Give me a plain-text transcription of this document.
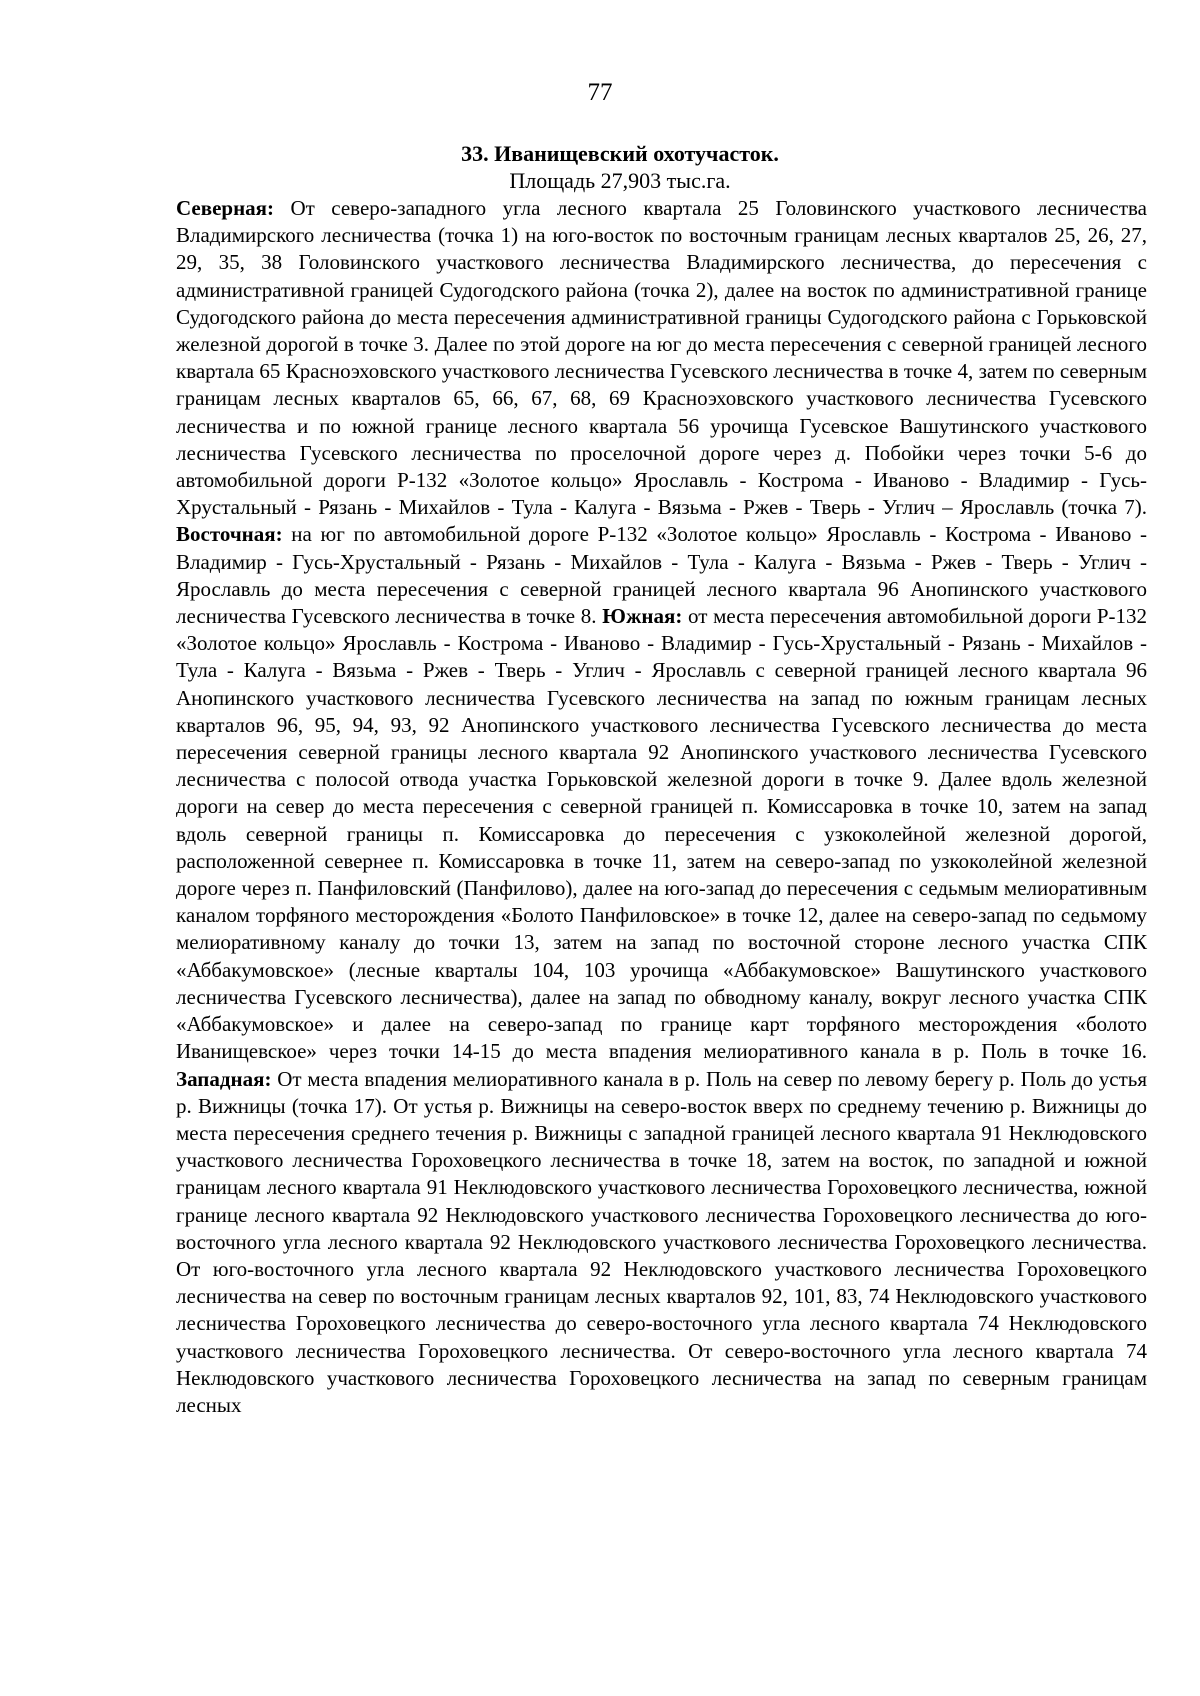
77
33. Иванищевский охотучасток.
Площадь 27,903 тыс.га.

Северная: От северо-западного угла лесного квартала 25 Головинского участкового лесничества Владимирского лесничества (точка 1) на юго-восток по восточным границам лесных кварталов 25, 26, 27, 29, 35, 38 Головинского участкового лесничества Владимирского лесничества, до пересечения с административной границей Судогодского района (точка 2), далее на восток по административной границе Судогодского района до места пересечения административной границы Судогодского района с Горьковской железной дорогой в точке 3. Далее по этой дороге на юг до места пересечения с северной границей лесного квартала 65 Красноэховского участкового лесничества Гусевского лесничества в точке 4, затем по северным границам лесных кварталов 65, 66, 67, 68, 69 Красноэховского участкового лесничества Гусевского лесничества и по южной границе лесного квартала 56 урочища Гусевское Вашутинского участкового лесничества Гусевского лесничества по проселочной дороге через д. Побойки через точки 5-6 до автомобильной дороги Р-132 «Золотое кольцо» Ярославль - Кострома - Иваново - Владимир - Гусь-Хрустальный - Рязань - Михайлов - Тула - Калуга - Вязьма - Ржев - Тверь - Углич – Ярославль (точка 7). Восточная: на юг по автомобильной дороге Р-132 «Золотое кольцо» Ярославль - Кострома - Иваново - Владимир - Гусь-Хрустальный - Рязань - Михайлов - Тула - Калуга - Вязьма - Ржев - Тверь - Углич - Ярославль до места пересечения с северной границей лесного квартала 96 Анопинского участкового лесничества Гусевского лесничества в точке 8. Южная: от места пересечения автомобильной дороги Р-132 «Золотое кольцо» Ярославль - Кострома - Иваново - Владимир - Гусь-Хрустальный - Рязань - Михайлов - Тула - Калуга - Вязьма - Ржев - Тверь - Углич - Ярославль с северной границей лесного квартала 96 Анопинского участкового лесничества Гусевского лесничества на запад по южным границам лесных кварталов 96, 95, 94, 93, 92 Анопинского участкового лесничества Гусевского лесничества до места пересечения северной границы лесного квартала 92 Анопинского участкового лесничества Гусевского лесничества с полосой отвода участка Горьковской железной дороги в точке 9. Далее вдоль железной дороги на север до места пересечения с северной границей п. Комиссаровка в точке 10, затем на запад вдоль северной границы п. Комиссаровка до пересечения с узкоколейной железной дорогой, расположенной севернее п. Комиссаровка в точке 11, затем на северо-запад по узкоколейной железной дороге через п. Панфиловский (Панфилово), далее на юго-запад до пересечения с седьмым мелиоративным каналом торфяного месторождения «Болото Панфиловское» в точке 12, далее на северо-запад по седьмому мелиоративному каналу до точки 13, затем на запад по восточной стороне лесного участка СПК «Аббакумовское» (лесные кварталы 104, 103 урочища «Аббакумовское» Вашутинского участкового лесничества Гусевского лесничества), далее на запад по обводному каналу, вокруг лесного участка СПК «Аббакумовское» и далее на северо-запад по границе карт торфяного месторождения «болото Иванищевское» через точки 14-15 до места впадения мелиоративного канала в р. Поль в точке 16. Западная: От места впадения мелиоративного канала в р. Поль на север по левому берегу р. Поль до устья р. Вижницы (точка 17). От устья р. Вижницы на северо-восток вверх по среднему течению р. Вижницы до места пересечения среднего течения р. Вижницы с западной границей лесного квартала 91 Неклюдовского участкового лесничества Гороховецкого лесничества в точке 18, затем на восток, по западной и южной границам лесного квартала 91 Неклюдовского участкового лесничества Гороховецкого лесничества, южной границе лесного квартала 92 Неклюдовского участкового лесничества Гороховецкого лесничества до юго-восточного угла лесного квартала 92 Неклюдовского участкового лесничества Гороховецкого лесничества. От юго-восточного угла лесного квартала 92 Неклюдовского участкового лесничества Гороховецкого лесничества на север по восточным границам лесных кварталов 92, 101, 83, 74 Неклюдовского участкового лесничества Гороховецкого лесничества до северо-восточного угла лесного квартала 74 Неклюдовского участкового лесничества Гороховецкого лесничества. От северо-восточного угла лесного квартала 74 Неклюдовского участкового лесничества Гороховецкого лесничества на запад по северным границам лесных
